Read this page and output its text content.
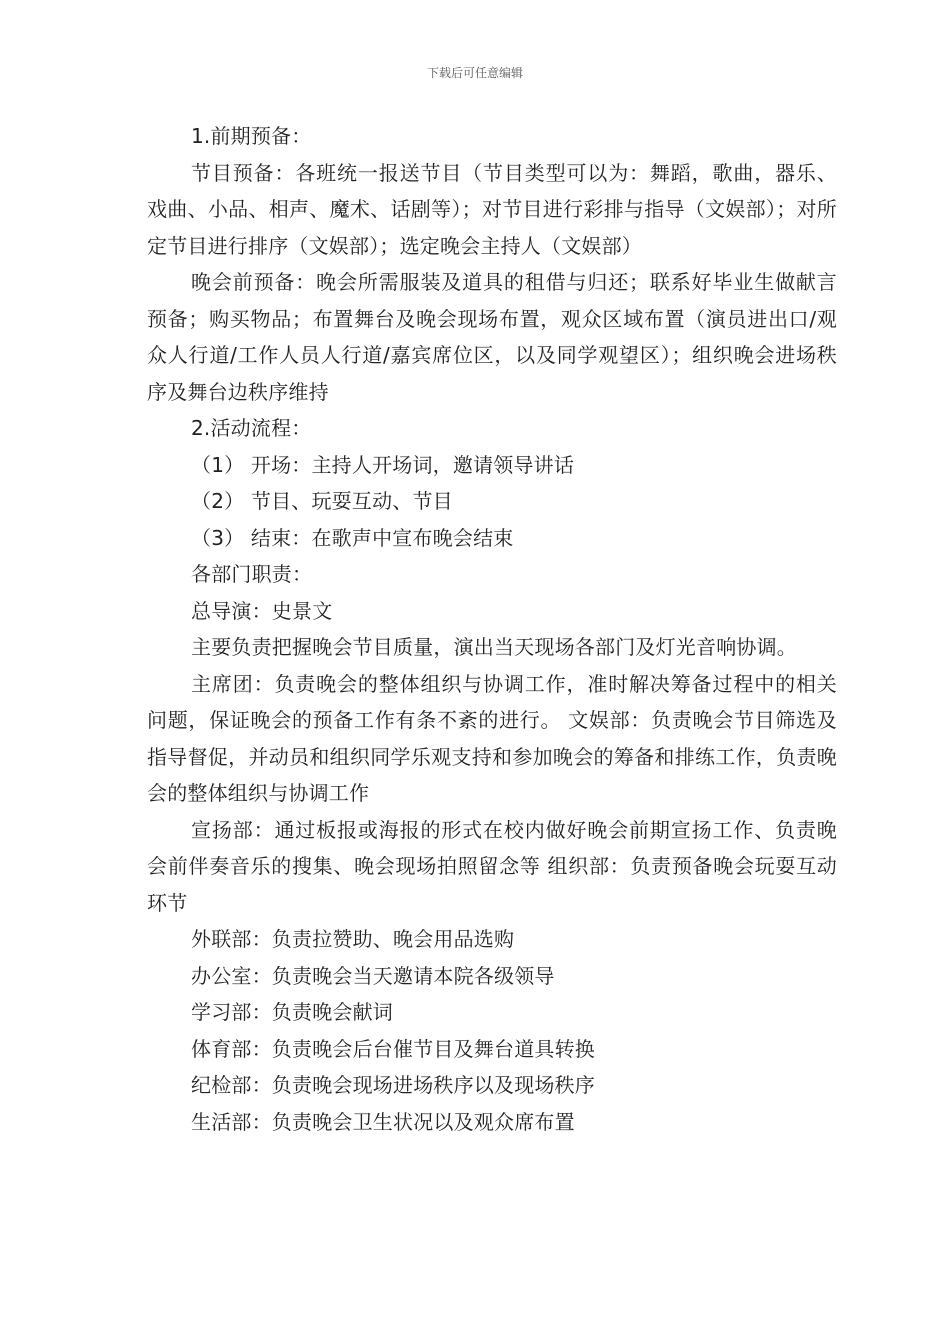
下载后可任意编辑

1.前期预备：

节目预备：各班统一报送节目（节目类型可以为：舞蹈，歌曲，器乐、戏曲、小品、相声、魔术、话剧等）；对节目进行彩排与指导（文娱部）；对所定节目进行排序（文娱部）；选定晚会主持人（文娱部）

晚会前预备：晚会所需服装及道具的租借与归还；联系好毕业生做献言预备；购买物品；布置舞台及晚会现场布置，观众区域布置（演员进出口/观众人行道/工作人员人行道/嘉宾席位区，以及同学观望区）；组织晚会进场秩序及舞台边秩序维持

2.活动流程：

（1） 开场：主持人开场词，邀请领导讲话

（2） 节目、玩耍互动、节目

（3） 结束：在歌声中宣布晚会结束

各部门职责：

总导演：史景文

主要负责把握晚会节目质量，演出当天现场各部门及灯光音响协调。

主席团：负责晚会的整体组织与协调工作，准时解决筹备过程中的相关问题，保证晚会的预备工作有条不紊的进行。 文娱部：负责晚会节目筛选及指导督促，并动员和组织同学乐观支持和参加晚会的筹备和排练工作，负责晚会的整体组织与协调工作

宣扬部：通过板报或海报的形式在校内做好晚会前期宣扬工作、负责晚会前伴奏音乐的搜集、晚会现场拍照留念等 组织部：负责预备晚会玩耍互动环节

外联部：负责拉赞助、晚会用品选购

办公室：负责晚会当天邀请本院各级领导

学习部：负责晚会献词

体育部：负责晚会后台催节目及舞台道具转换

纪检部：负责晚会现场进场秩序以及现场秩序

生活部：负责晚会卫生状况以及观众席布置
